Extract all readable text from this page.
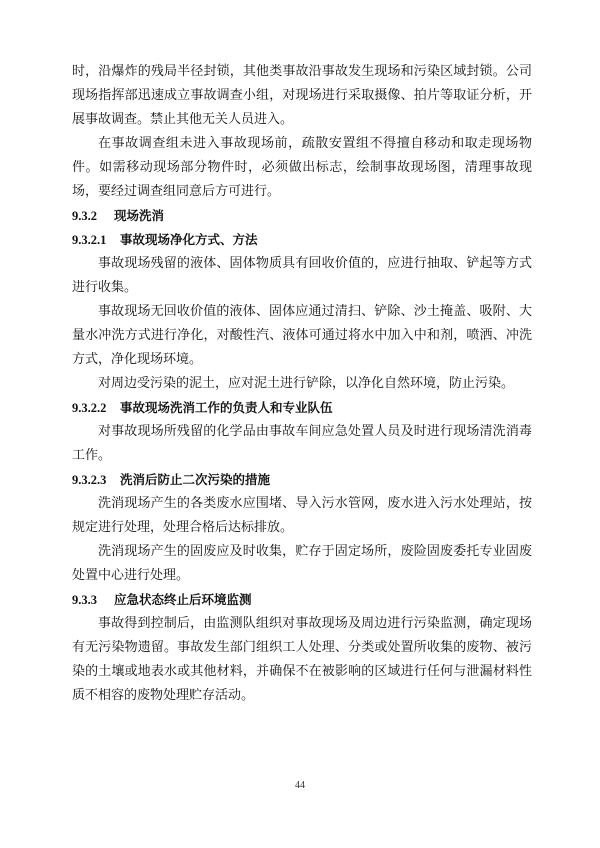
时，沿爆炸的残局半径封锁，其他类事故沿事故发生现场和污染区域封锁。公司现场指挥部迅速成立事故调查小组，对现场进行采取摄像、拍片等取证分析，开展事故调查。禁止其他无关人员进入。

在事故调查组未进入事故现场前，疏散安置组不得擅自移动和取走现场物件。如需移动现场部分物件时，必须做出标志，绘制事故现场图，清理事故现场，要经过调查组同意后方可进行。

9.3.2 现场洗消
9.3.2.1 事故现场净化方式、方法

事故现场残留的液体、固体物质具有回收价值的，应进行抽取、铲起等方式进行收集。

事故现场无回收价值的液体、固体应通过清扫、铲除、沙土掩盖、吸附、大量水冲洗方式进行净化，对酸性汽、液体可通过将水中加入中和剂，喷洒、冲洗方式，净化现场环境。

对周边受污染的泥土，应对泥土进行铲除，以净化自然环境，防止污染。

9.3.2.2 事故现场洗消工作的负责人和专业队伍

对事故现场所残留的化学品由事故车间应急处置人员及时进行现场清洗消毒工作。

9.3.2.3 洗消后防止二次污染的措施

洗消现场产生的各类废水应围堵、导入污水管网，废水进入污水处理站，按规定进行处理，处理合格后达标排放。

洗消现场产生的固废应及时收集，贮存于固定场所，废险固废委托专业固废处置中心进行处理。

9.3.3 应急状态终止后环境监测

事故得到控制后，由监测队组织对事故现场及周边进行污染监测，确定现场有无污染物遗留。事故发生部门组织工人处理、分类或处置所收集的废物、被污染的土壤或地表水或其他材料，并确保不在被影响的区域进行任何与泄漏材料性质不相容的废物处理贮存活动。

44
